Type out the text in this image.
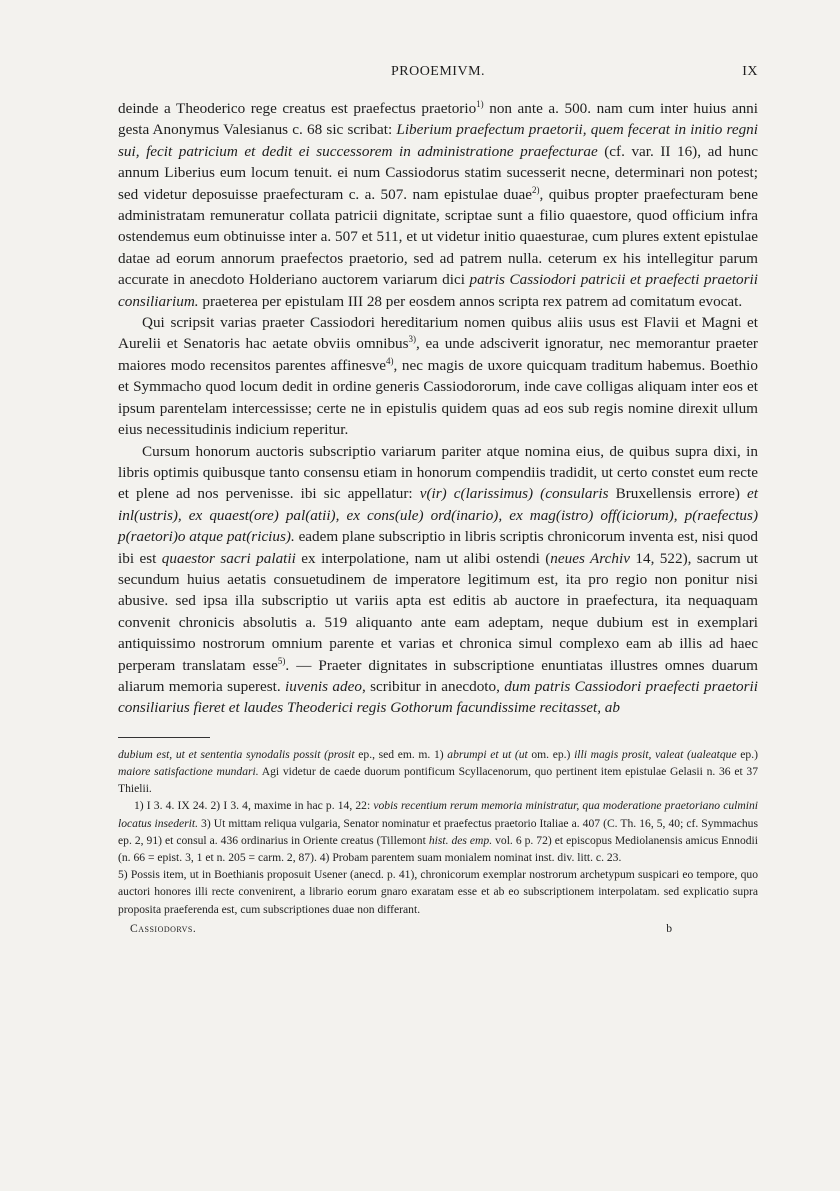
PROOEMIVM.	IX

deinde a Theoderico rege creatus est praefectus praetorio$^{1)}$ non ante a. 500. nam cum inter huius anni gesta Anonymus Valesianus c. 68 sic scribat: Liberium praefectum praetorii, quem fecerat in initio regni sui, fecit patricium et dedit ei successorem in administratione praefecturae (cf. var. II 16), ad hunc annum Liberius eum locum tenuit. ei num Cassiodorus statim sucesserit necne, determinari non potest; sed videtur deposuisse praefecturam c. a. 507. nam epistulae duae$^{2)}$, quibus propter praefecturam bene administratam remuneratur collata patricii dignitate, scriptae sunt a filio quaestore, quod officium infra ostendemus eum obtinuisse inter a. 507 et 511, et ut videtur initio quaesturae, cum plures extent epistulae datae ad eorum annorum praefectos praetorio, sed ad patrem nulla. ceterum ex his intellegitur parum accurate in anecdoto Holderiano auctorem variarum dici patris Cassiodori patricii et praefecti praetorii consiliarium. praeterea per epistulam III 28 per eosdem annos scripta rex patrem ad comitatum evocat.

Qui scripsit varias praeter Cassiodori hereditarium nomen quibus aliis usus est Flavii et Magni et Aurelii et Senatoris hac aetate obviis omnibus$^{3)}$, ea unde adsciverit ignoratur, nec memorantur praeter maiores modo recensitos parentes affinesve$^{4)}$, nec magis de uxore quicquam traditum habemus. Boethio et Symmacho quod locum dedit in ordine generis Cassiodororum, inde cave colligas aliquam inter eos et ipsum parentelam intercessisse; certe ne in epistulis quidem quas ad eos sub regis nomine direxit ullum eius necessitudinis indicium reperitur.

Cursum honorum auctoris subscriptio variarum pariter atque nomina eius, de quibus supra dixi, in libris optimis quibusque tanto consensu etiam in honorum compendiis tradidit, ut certo constet eum recte et plene ad nos pervenisse. ibi sic appellatur: v(ir) c(larissimus) (consularis Bruxellensis errore) et inl(ustris), ex quaest(ore) pal(atii), ex cons(ule) ord(inario), ex mag(istro) off(iciorum), p(raefectus) p(raetori)o atque pat(ricius). eadem plane subscriptio in libris scriptis chronicorum inventa est, nisi quod ibi est quaestor sacri palatii ex interpolatione, nam ut alibi ostendi (neues Archiv 14, 522), sacrum ut secundum huius aetatis consuetudinem de imperatore legitimum est, ita pro regio non ponitur nisi abusive. sed ipsa illa subscriptio ut variis apta est editis ab auctore in praefectura, ita nequaquam convenit chronicis absolutis a. 519 aliquanto ante eam adeptam, neque dubium est in exemplari antiquissimo nostrorum omnium parente et varias et chronica simul complexo eam ab illis ad haec perperam translatam esse$^{5)}$. — Praeter dignitates in subscriptione enuntiatas illustres omnes duarum aliarum memoria superest. iuvenis adeo, scribitur in anecdoto, dum patris Cassiodori praefecti praetorii consiliarius fieret et laudes Theoderici regis Gothorum facundissime recitasset, ab

dubium est, ut et sententia synodalis possit (prosit ep., sed em. m. 1) abrumpi et ut (ut om. ep.) illi magis prosit, valeat (ualeatque ep.) maiore satisfactione mundari. Agi videtur de caede duorum pontificum Scyllacenorum, quo pertinent item epistulae Gelasii n. 36 et 37 Thielii.

1) I 3. 4. IX 24. 2) I 3. 4, maxime in hac p. 14, 22: vobis recentium rerum memoria ministratur, qua moderatione praetoriano culmini locatus insederit. 3) Ut mittam reliqua vulgaria, Senator nominatur et praefectus praetorio Italiae a. 407 (C. Th. 16, 5, 40; cf. Symmachus ep. 2, 91) et consul a. 436 ordinarius in Oriente creatus (Tillemont hist. des emp. vol. 6 p. 72) et episcopus Mediolanensis amicus Ennodii (n. 66 = epist. 3, 1 et n. 205 = carm. 2, 87). 4) Probam parentem suam monialem nominat inst. div. litt. c. 23.

5) Possis item, ut in Boethianis proposuit Usener (anecd. p. 41), chronicorum exemplar nostrorum archetypum suspicari eo tempore, quo auctori honores illi recte convenirent, a librario eorum gnaro exaratam esse et ab eo subscriptionem interpolatam. sed explicatio supra proposita praeferenda est, cum subscriptiones duae non differant.

Cassiodorvs.	b
